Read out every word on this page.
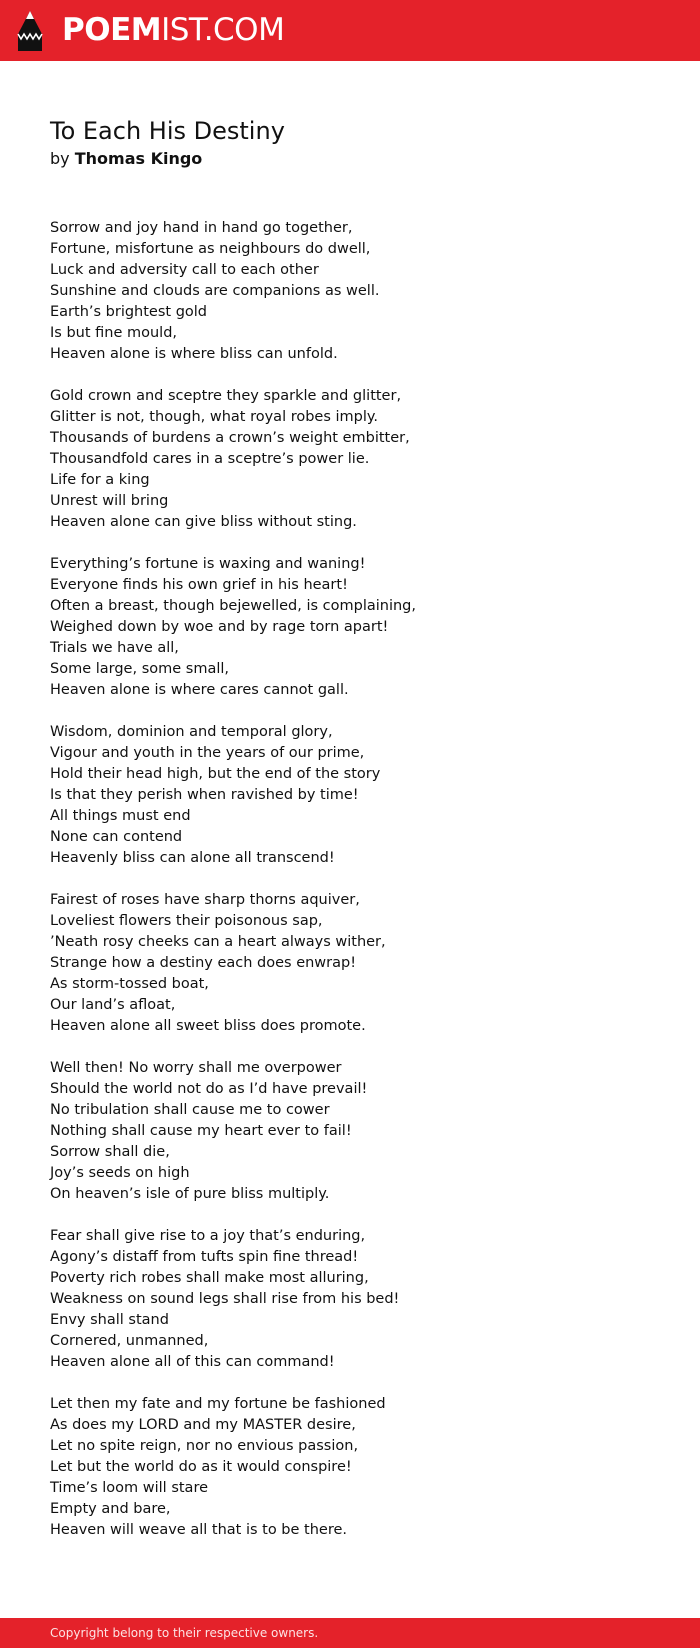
POEMIST.COM
To Each His Destiny
by Thomas Kingo
Sorrow and joy hand in hand go together,
Fortune, misfortune as neighbours do dwell,
Luck and adversity call to each other
Sunshine and clouds are companions as well.
Earth’s brightest gold
Is but fine mould,
Heaven alone is where bliss can unfold.
Gold crown and sceptre they sparkle and glitter,
Glitter is not, though, what royal robes imply.
Thousands of burdens a crown’s weight embitter,
Thousandfold cares in a sceptre’s power lie.
Life for a king
Unrest will bring
Heaven alone can give bliss without sting.
Everything’s fortune is waxing and waning!
Everyone finds his own grief in his heart!
Often a breast, though bejewelled, is complaining,
Weighed down by woe and by rage torn apart!
Trials we have all,
Some large, some small,
Heaven alone is where cares cannot gall.
Wisdom, dominion and temporal glory,
Vigour and youth in the years of our prime,
Hold their head high, but the end of the story
Is that they perish when ravished by time!
All things must end
None can contend
Heavenly bliss can alone all transcend!
Fairest of roses have sharp thorns aquiver,
Loveliest flowers their poisonous sap,
’Neath rosy cheeks can a heart always wither,
Strange how a destiny each does enwrap!
As storm-tossed boat,
Our land’s afloat,
Heaven alone all sweet bliss does promote.
Well then! No worry shall me overpower
Should the world not do as I’d have prevail!
No tribulation shall cause me to cower
Nothing shall cause my heart ever to fail!
Sorrow shall die,
Joy’s seeds on high
On heaven’s isle of pure bliss multiply.
Fear shall give rise to a joy that’s enduring,
Agony’s distaff from tufts spin fine thread!
Poverty rich robes shall make most alluring,
Weakness on sound legs shall rise from his bed!
Envy shall stand
Cornered, unmanned,
Heaven alone all of this can command!
Let then my fate and my fortune be fashioned
As does my LORD and my MASTER desire,
Let no spite reign, nor no envious passion,
Let but the world do as it would conspire!
Time’s loom will stare
Empty and bare,
Heaven will weave all that is to be there.
Copyright belong to their respective owners.
